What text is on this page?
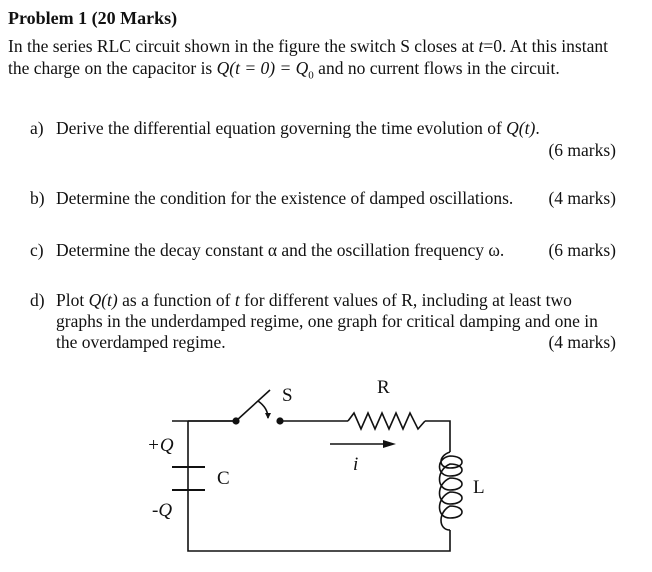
Problem 1 (20 Marks)
In the series RLC circuit shown in the figure the switch S closes at t=0. At this instant
the charge on the capacitor is $Q(t = 0) = Q_0$ and no current flows in the circuit.
a) Derive the differential equation governing the time evolution of Q(t).
(6 marks)
b) Determine the condition for the existence of damped oscillations. (4 marks)
c) Determine the decay constant α and the oscillation frequency ω.	(6 marks)
d) Plot Q(t) as a function of t for different values of R, including at least two
graphs in the underdamped regime, one graph for critical damping and one in
the overdamped regime.	(4 marks)
S	R
i
C	L
+Q
-Q
